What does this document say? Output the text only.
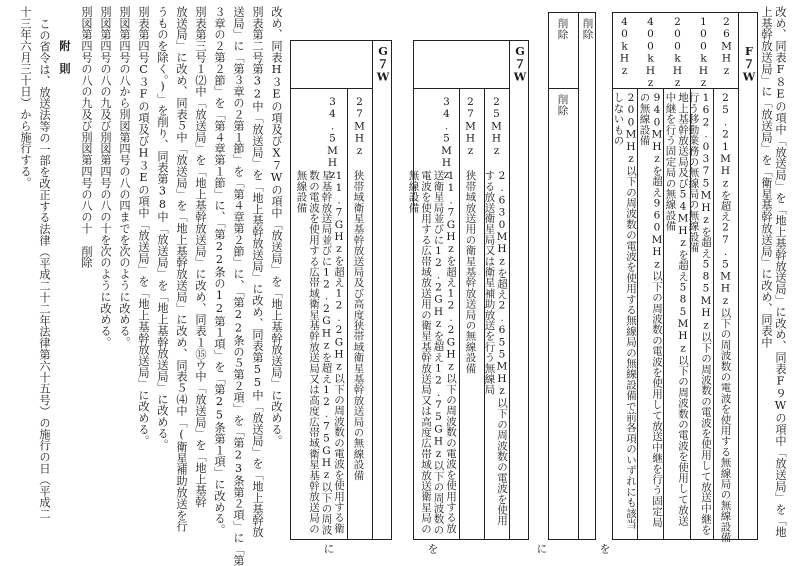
改め、同表F８Eの項中「放送局」を「地上基幹放送局」に改め、同表F９Wの項中「放送局」を「地
上基幹放送局」に「放送局」を「衛星基幹放送局」に改め、同表中
F７W
26MHz
25.21MHzを超え27.5MHz以下の周波数の電波を使用する無線局の無線設備
100kHz
162.0375MHzを超え585MHz以下の周波数の電波を使用して放送中継を行う移動業務の無線局の無線設備
200kHz
地上基幹放送局及び54MHzを超え585MHz以下の周波数の電波を使用して放送中継を行う固定局の無線設備
400kHz
940MHzを超え960MHz以下の周波数の電波を使用して放送中継を行う固定局の無線設備
40kHz
200MHz以下の周波数の電波を使用する無線局の無線設備で前各項のいずれにも該当しないもの
を
削除
削除
削除
に
G７W
25MHz
2.630MHzを超え2.655MHz以下の周波数の電波を使用する放送衛星局又は衛星補助放送を行う無線局
27MHz
狭帯域放送用の衛星基幹放送局の無線設備
34.5MHz
11.7GHzを超え12.2GHz以下の周波数の電波を使用する放送衛星局並びに12.2GHzを超え12.75GHz以下の周波数の電波を使用する広帯域放送用の衛星基幹放送局又は高度広帯域放送衛星局の無線設備
を
G７W
27MHz
狭帯域衛星基幹放送局及び高度狭帯域衛星基幹放送局の無線設備
34.5MHz
11.7GHzを超え12.2GHz以下の周波数の電波を使用する衛星基幹放送局並びに12.2GHzを超え12.75GHz以下の周波数の電波を使用する広帯域衛星基幹放送局又は高度広帯域衛星基幹放送局の無線設備
に
改め、同表H３Eの項及びX７Wの項中「放送局」を「地上基幹放送局」に改める。
別表第二号第32中「放送局」を「地上基幹放送局」に改め、同表第55中「放送局」を「地上基幹放
送局」に「第３章の２第１節」を「第４章第２節」に、「第22条の５第２項」を「第23条第２項」に「第
３章の２第２節」を「第４章第１節」に、「第22条の12第１項」を「第25条第１項」に改める。
別表第三号１⑵中「放送局」を「地上基幹放送局」に改め、同表１⑮ウ中「放送局」を「地上基幹
放送局」に改め、同表５中「放送局」を「地上基幹放送局」に改め、同表５⑷中「(衛星補助放送を行
うものを除く。)」を削り、同表第38中「放送局」を「地上基幹放送局」に改める。
別表第四号C３Fの項及びH３Eの項中「放送局」を「地上基幹放送局」に改める。
別図第四号の八から別図第四号の八の四までを次のように改める。
別図第四号の八の九及び別図第四号の八の十を次のように改める。
別図第四号の八の九及び別図第四号の八の十　削除
附　則
この省令は、放送法等の一部を改正する法律（平成二十二年法律第六十五号）の施行の日（平成二
十三年六月三十日）から施行する。
